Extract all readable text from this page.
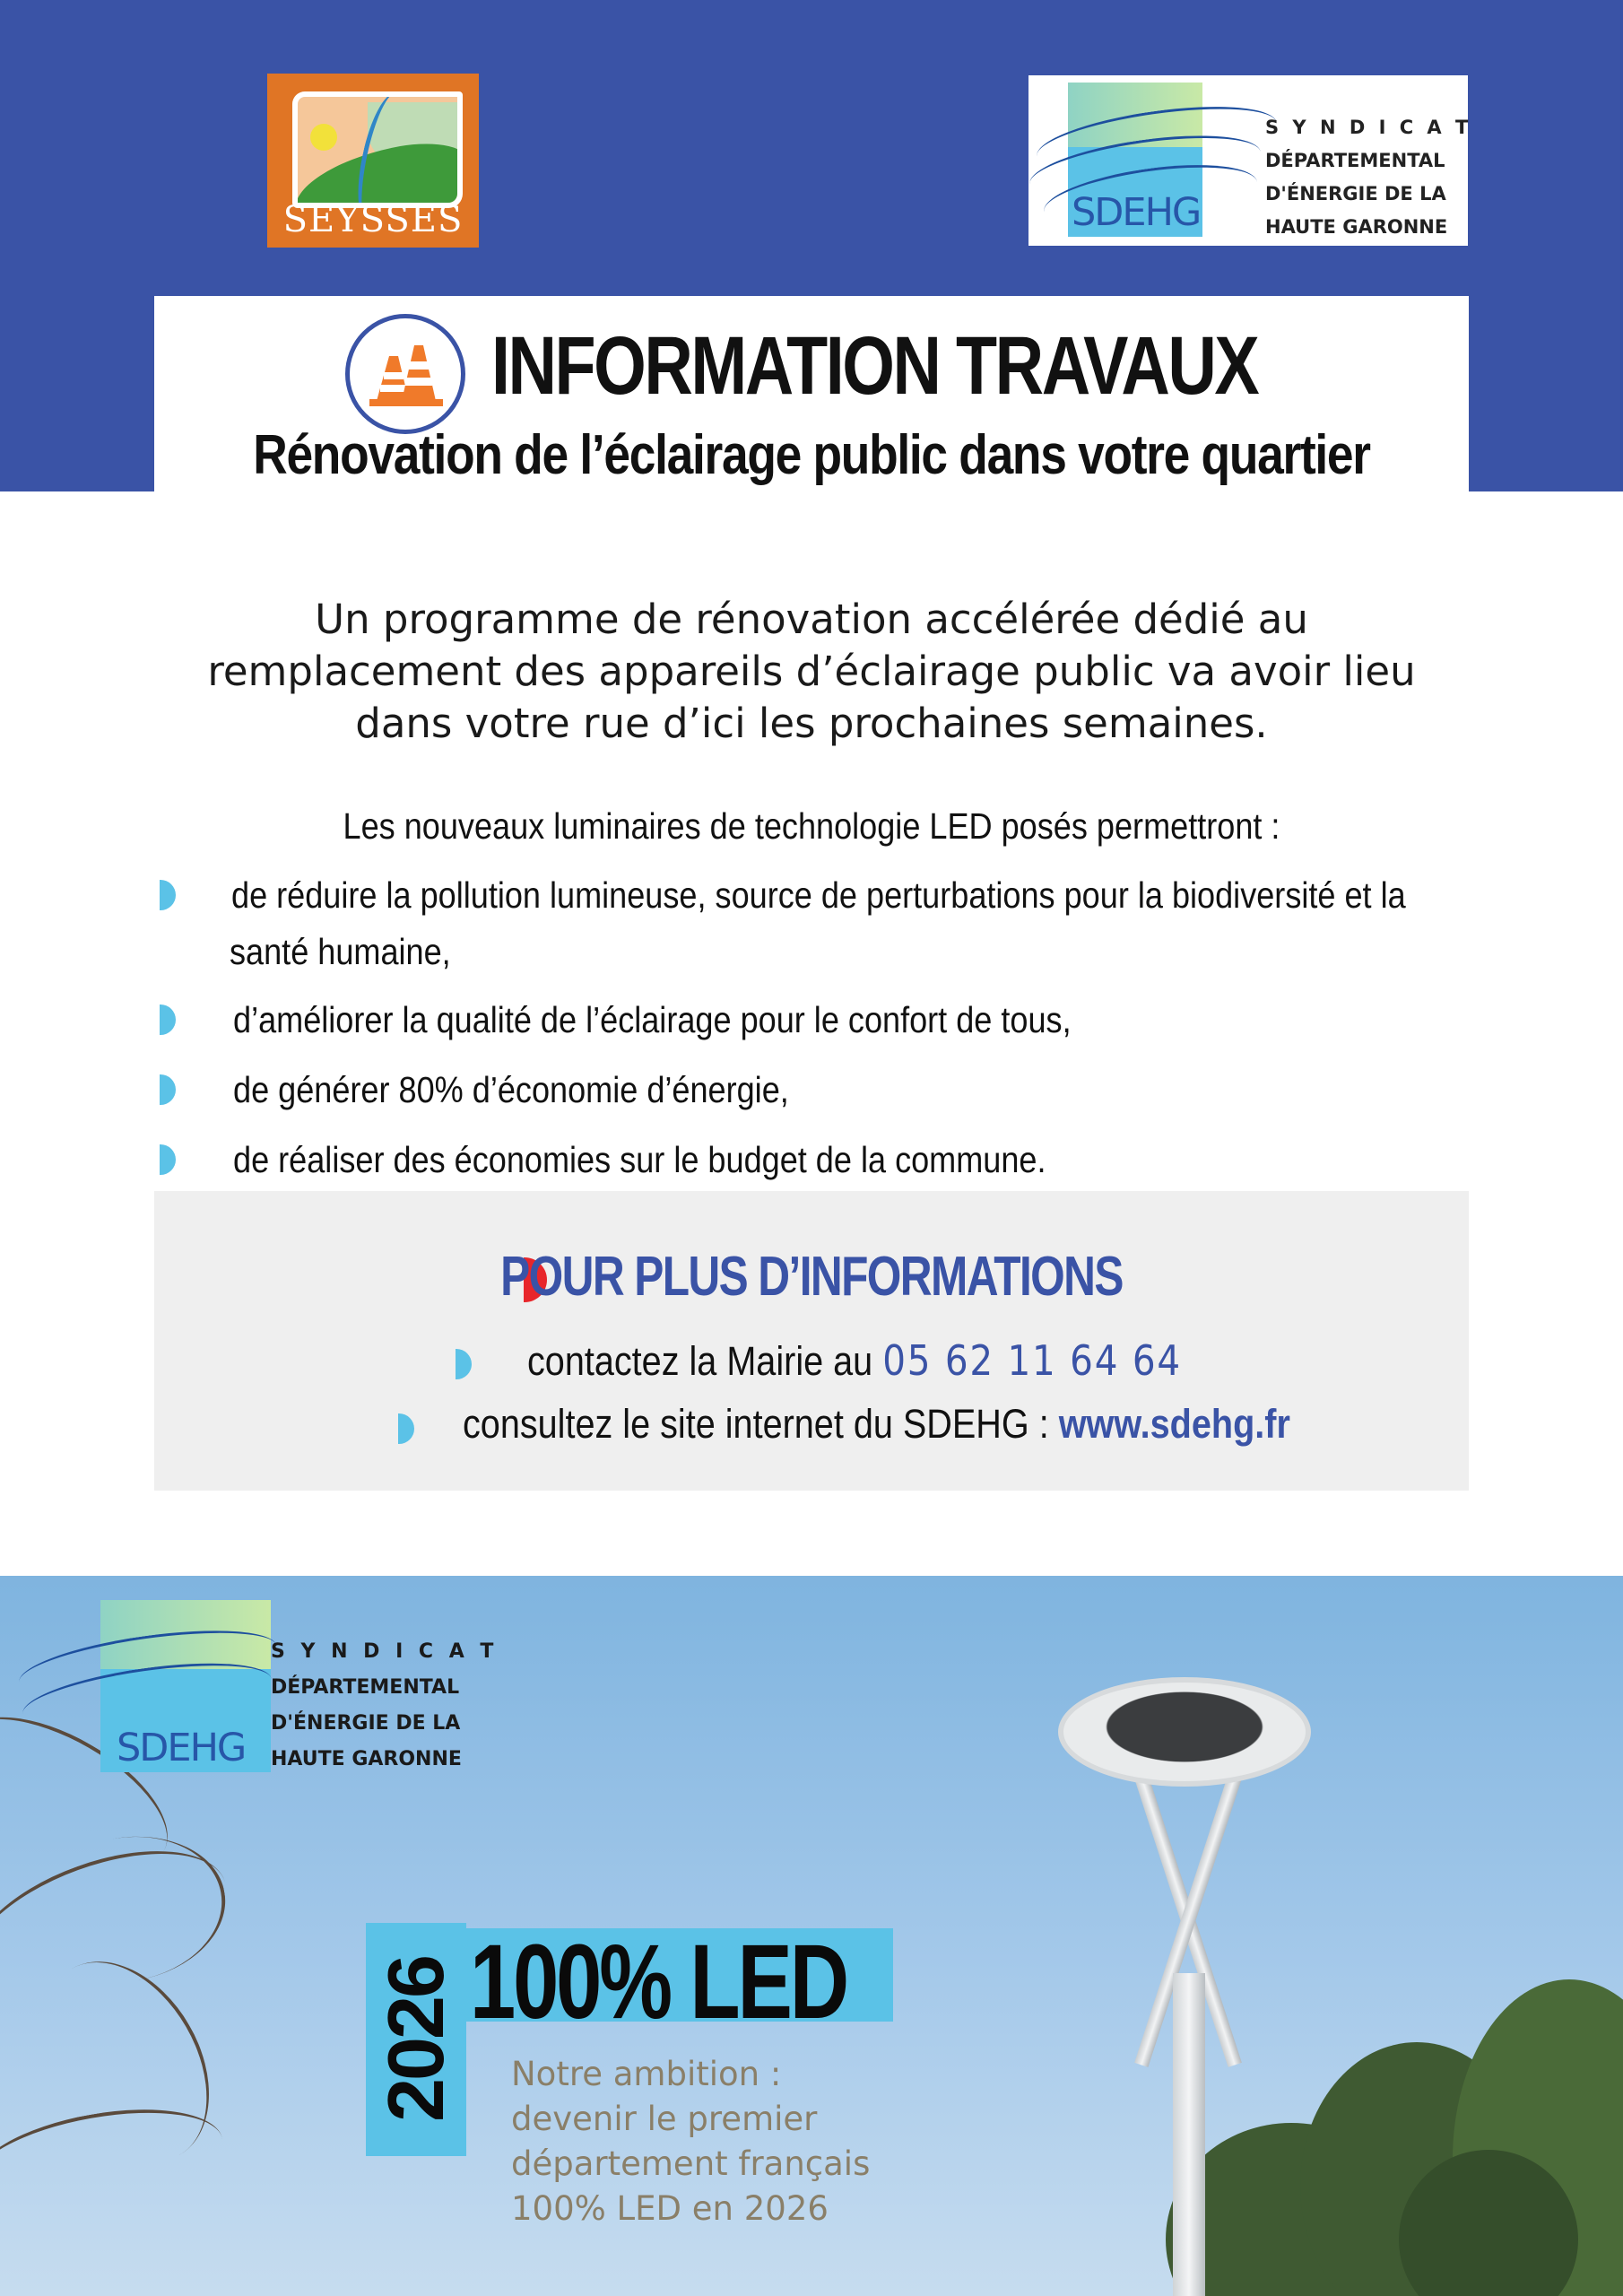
SEYSSES	SDEHG
S Y N D I C A T
DÉPARTEMENTAL
D'ÉNERGIE DE LA
HAUTE GARONNE
INFORMATION TRAVAUX
Rénovation de l’éclairage public dans votre quartier
Un programme de rénovation accélérée dédié au
remplacement des appareils d’éclairage public va avoir lieu
dans votre rue d’ici les prochaines semaines.
Les nouveaux luminaires de technologie LED posés permettront :
de réduire la pollution lumineuse, source de perturbations pour la biodiversité et la
santé humaine,
d’améliorer la qualité de l’éclairage pour le confort de tous,
de générer 80% d’économie d’énergie,
de réaliser des économies sur le budget de la commune.
POUR PLUS D’INFORMATIONS
contactez la Mairie au 05 62 11 64 64
consultez le site internet du SDEHG : www.sdehg.fr
SDEHG
S Y N D I C A T
DÉPARTEMENTAL
D'ÉNERGIE DE LA
HAUTE GARONNE
2026 100% LED
Notre ambition :
devenir le premier
département français
100% LED en 2026
